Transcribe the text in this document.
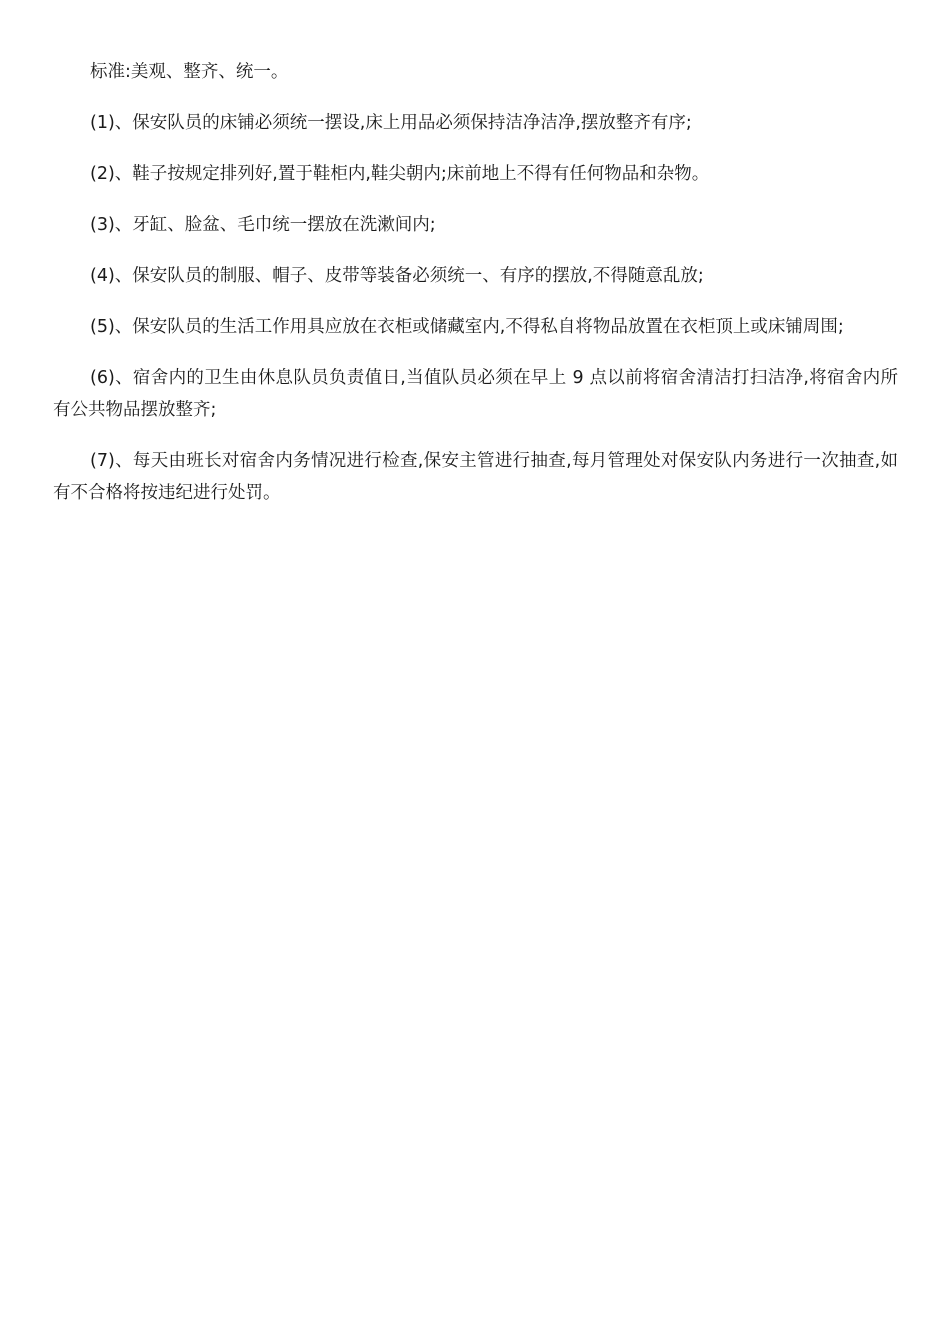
标准:美观、整齐、统一。

(1)、保安队员的床铺必须统一摆设,床上用品必须保持洁净洁净,摆放整齐有序;

(2)、鞋子按规定排列好,置于鞋柜内,鞋尖朝内;床前地上不得有任何物品和杂物。

(3)、牙缸、脸盆、毛巾统一摆放在洗漱间内;

(4)、保安队员的制服、帽子、皮带等装备必须统一、有序的摆放,不得随意乱放;

(5)、保安队员的生活工作用具应放在衣柜或储藏室内,不得私自将物品放置在衣柜顶上或床铺周围;

(6)、宿舍内的卫生由休息队员负责值日,当值队员必须在早上 9 点以前将宿舍清洁打扫洁净,将宿舍内所有公共物品摆放整齐;

(7)、每天由班长对宿舍内务情况进行检查,保安主管进行抽查,每月管理处对保安队内务进行一次抽查,如有不合格将按违纪进行处罚。
